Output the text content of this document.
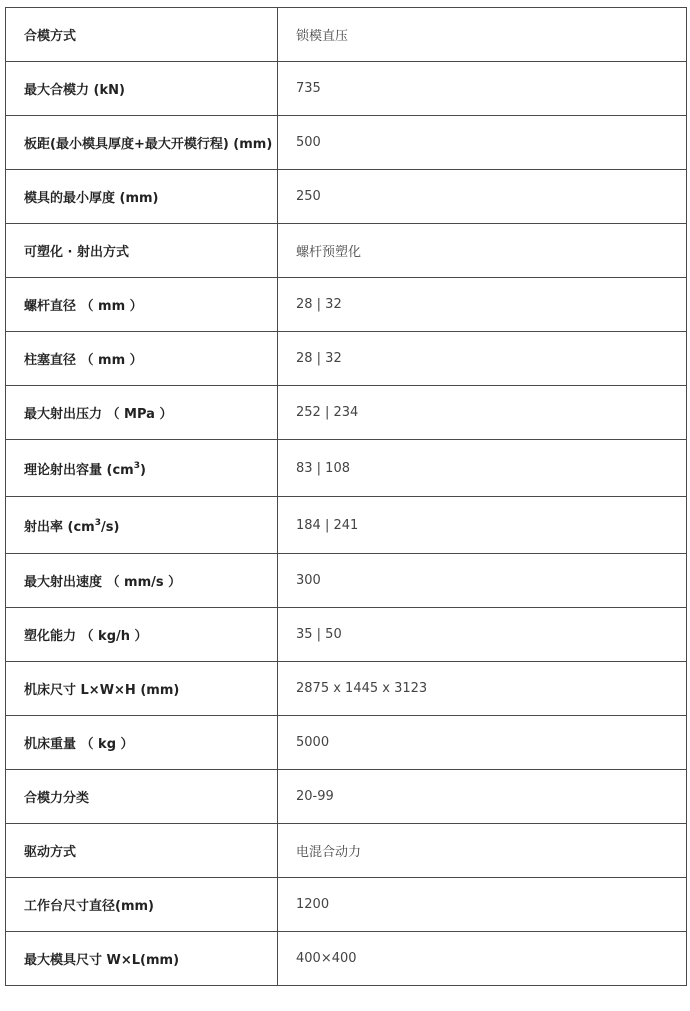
合模方式	锁模直压
最大合模力 (kN)	735
板距(最小模具厚度+最大开模行程) (mm)	500
模具的最小厚度 (mm)	250
可塑化 · 射出方式	螺杆预塑化
螺杆直径 （ mm ）	28 | 32
柱塞直径 （ mm ）	28 | 32
最大射出压力 （ MPa ）	252 | 234
理论射出容量 $(cm^3)$	83 | 108
射出率 $(cm^3/s)$	184 | 241
最大射出速度 （ mm/s ）	300
塑化能力 （ kg/h ）	35 | 50
机床尺寸 L×W×H (mm)	2875 x 1445 x 3123
机床重量 （ kg ）	5000
合模力分类	20-99
驱动方式	电混合动力
工作台尺寸直径(mm)	1200
最大模具尺寸 W×L(mm)	400×400
